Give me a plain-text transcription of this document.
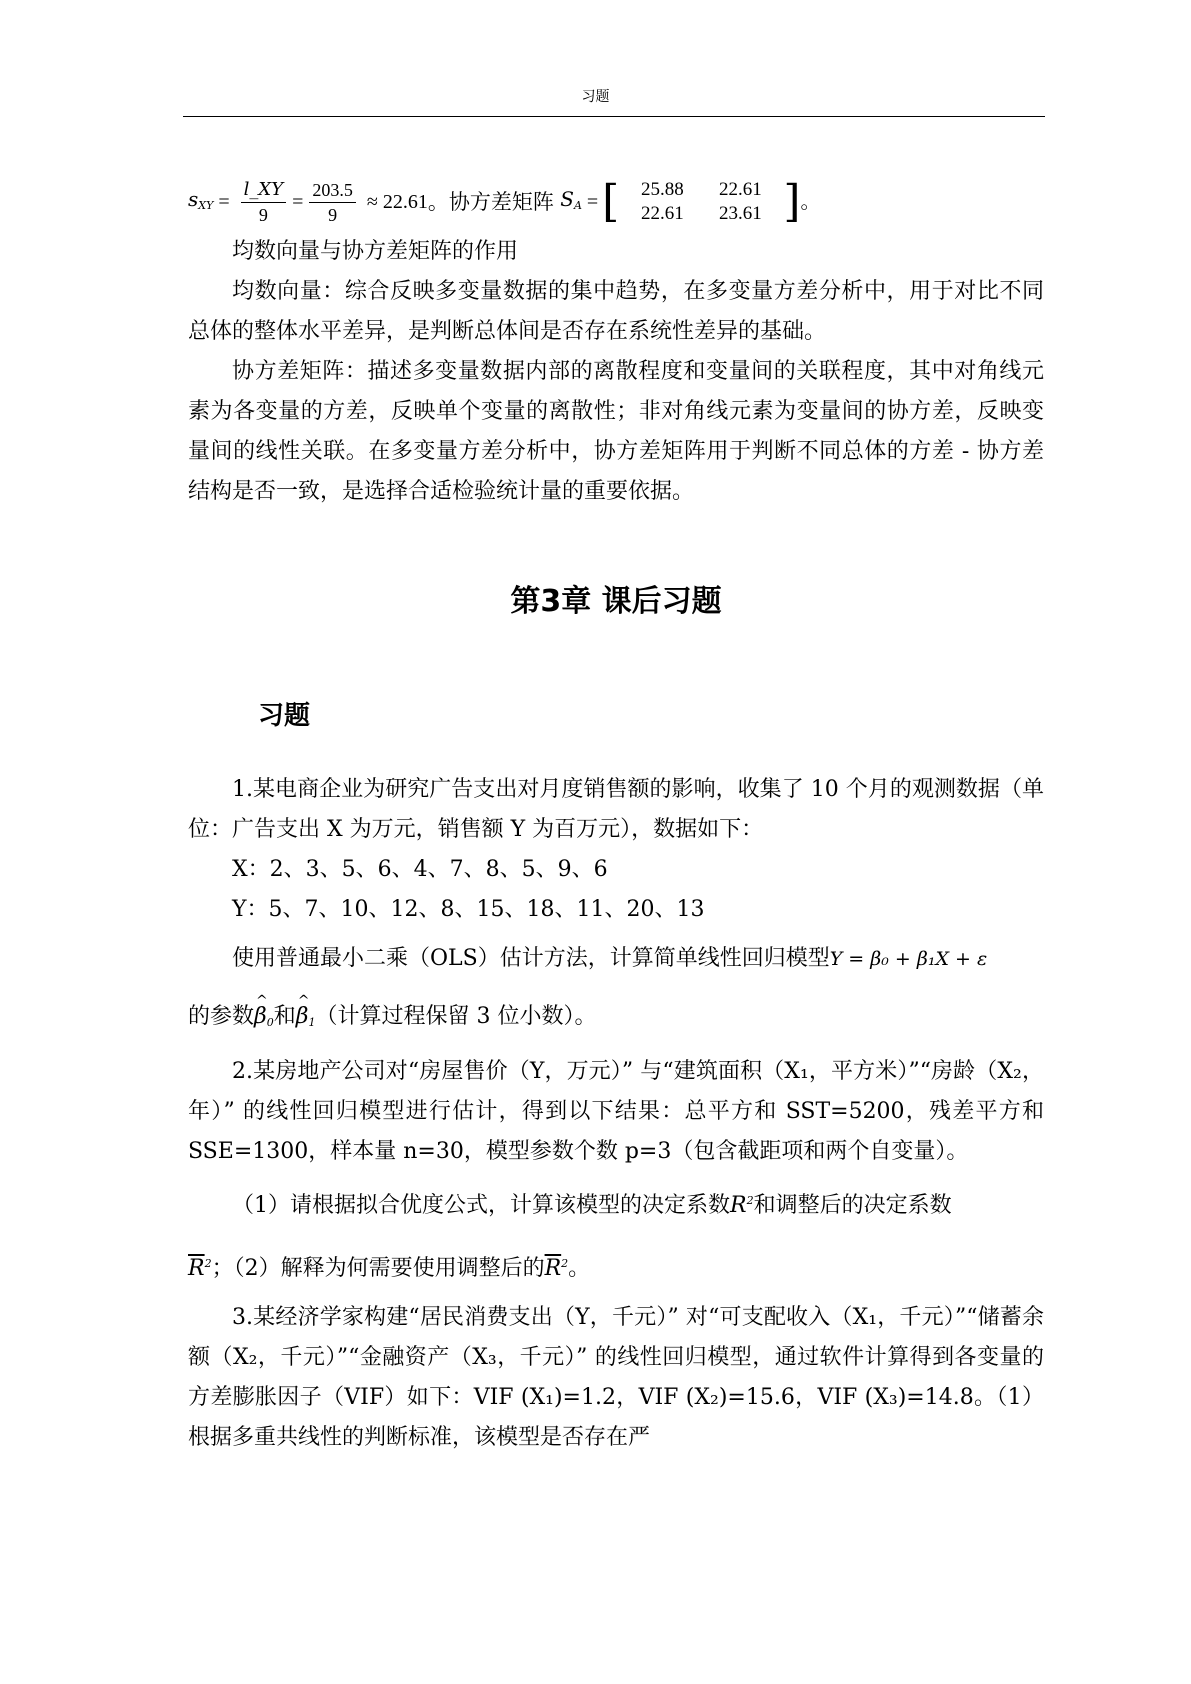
习题
$s_{XY} = \frac{l\_XY}{9} = \frac{203.5}{9} \approx 22.61$ 。协方差矩阵 $S_A$ = [	25.88 22.61
22.61 23.61 ] 。

均数向量与协方差矩阵的作用

均数向量：综合反映多变量数据的集中趋势，在多变量方差分析中，用于对比不同总体的整体水平差异，是判断总体间是否存在系统性差异的基础。

协方差矩阵：描述多变量数据内部的离散程度和变量间的关联程度，其中对角线元素为各变量的方差，反映单个变量的离散性；非对角线元素为变量间的协方差，反映变量间的线性关联。在多变量方差分析中，协方差矩阵用于判断不同总体的方差 - 协方差结构是否一致，是选择合适检验统计量的重要依据。

第3章 课后习题
习题

1.某电商企业为研究广告支出对月度销售额的影响，收集了 10 个月的观测数据（单位：广告支出 X 为万元，销售额 Y 为百万元），数据如下：

X：2、3、5、6、4、7、8、5、9、6

Y：5、7、10、12、8、15、18、11、20、13

使用普通最小二乘（OLS）估计方法，计算简单线性回归模型Y = β₀ + β₁X + ε

的参数^ $\beta_0$和^ $\beta_1$（计算过程保留 3 位小数）。

2.某房地产公司对“房屋售价（Y，万元）” 与“建筑面积（X₁，平方米）”“房龄（X₂，年）” 的线性回归模型进行估计，得到以下结果：总平方和 SST=5200，残差平方和 SSE=1300，样本量 n=30，模型参数个数 p=3（包含截距项和两个自变量）。

（1）请根据拟合优度公式，计算该模型的决定系数$R^2$和调整后的决定系数

$\overline{R}^2$；（2）解释为何需要使用调整后的$\overline{R}^2$。

3.某经济学家构建“居民消费支出（Y，千元）” 对“可支配收入（X₁，千元）”“储蓄余额（X₂，千元）”“金融资产（X₃，千元）” 的线性回归模型，通过软件计算得到各变量的方差膨胀因子（VIF）如下：VIF (X₁)=1.2，VIF (X₂)=15.6，VIF (X₃)=14.8。（1）根据多重共线性的判断标准，该模型是否存在严
